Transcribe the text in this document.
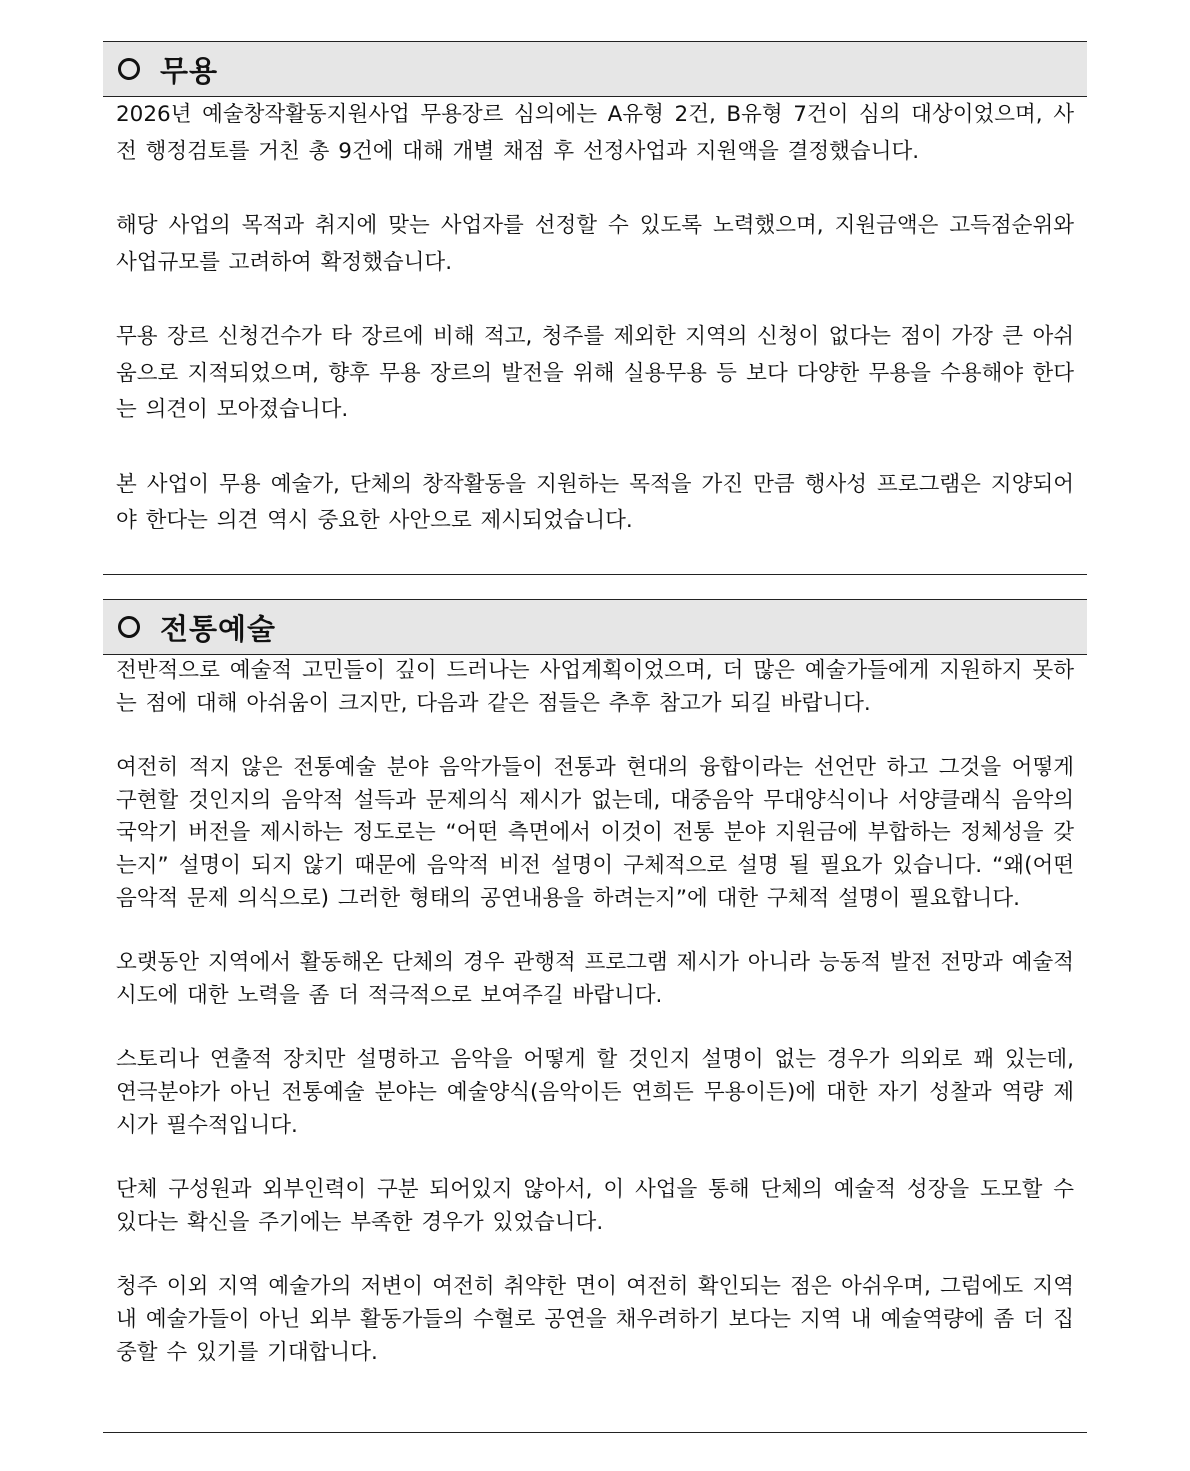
무용

2026년 예술창작활동지원사업 무용장르 심의에는 A유형 2건, B유형 7건이 심의 대상이었으며, 사전 행정검토를 거친 총 9건에 대해 개별 채점 후 선정사업과 지원액을 결정했습니다.

해당 사업의 목적과 취지에 맞는 사업자를 선정할 수 있도록 노력했으며, 지원금액은 고득점순위와 사업규모를 고려하여 확정했습니다.

무용 장르 신청건수가 타 장르에 비해 적고, 청주를 제외한 지역의 신청이 없다는 점이 가장 큰 아쉬움으로 지적되었으며, 향후 무용 장르의 발전을 위해 실용무용 등 보다 다양한 무용을 수용해야 한다는 의견이 모아졌습니다.

본 사업이 무용 예술가, 단체의 창작활동을 지원하는 목적을 가진 만큼 행사성 프로그램은 지양되어야 한다는 의견 역시 중요한 사안으로 제시되었습니다.

전통예술

전반적으로 예술적 고민들이 깊이 드러나는 사업계획이었으며, 더 많은 예술가들에게 지원하지 못하는 점에 대해 아쉬움이 크지만, 다음과 같은 점들은 추후 참고가 되길 바랍니다.

여전히 적지 않은 전통예술 분야 음악가들이 전통과 현대의 융합이라는 선언만 하고 그것을 어떻게 구현할 것인지의 음악적 설득과 문제의식 제시가 없는데, 대중음악 무대양식이나 서양클래식 음악의 국악기 버전을 제시하는 정도로는 “어떤 측면에서 이것이 전통 분야 지원금에 부합하는 정체성을 갖는지” 설명이 되지 않기 때문에 음악적 비전 설명이 구체적으로 설명 될 필요가 있습니다. “왜(어떤 음악적 문제 의식으로) 그러한 형태의 공연내용을 하려는지”에 대한 구체적 설명이 필요합니다.

오랫동안 지역에서 활동해온 단체의 경우 관행적 프로그램 제시가 아니라 능동적 발전 전망과 예술적 시도에 대한 노력을 좀 더 적극적으로 보여주길 바랍니다.

스토리나 연출적 장치만 설명하고 음악을 어떻게 할 것인지 설명이 없는 경우가 의외로 꽤 있는데, 연극분야가 아닌 전통예술 분야는 예술양식(음악이든 연희든 무용이든)에 대한 자기 성찰과 역량 제시가 필수적입니다.

단체 구성원과 외부인력이 구분 되어있지 않아서, 이 사업을 통해 단체의 예술적 성장을 도모할 수 있다는 확신을 주기에는 부족한 경우가 있었습니다.

청주 이외 지역 예술가의 저변이 여전히 취약한 면이 여전히 확인되는 점은 아쉬우며, 그럼에도 지역 내 예술가들이 아닌 외부 활동가들의 수혈로 공연을 채우려하기 보다는 지역 내 예술역량에 좀 더 집중할 수 있기를 기대합니다.
